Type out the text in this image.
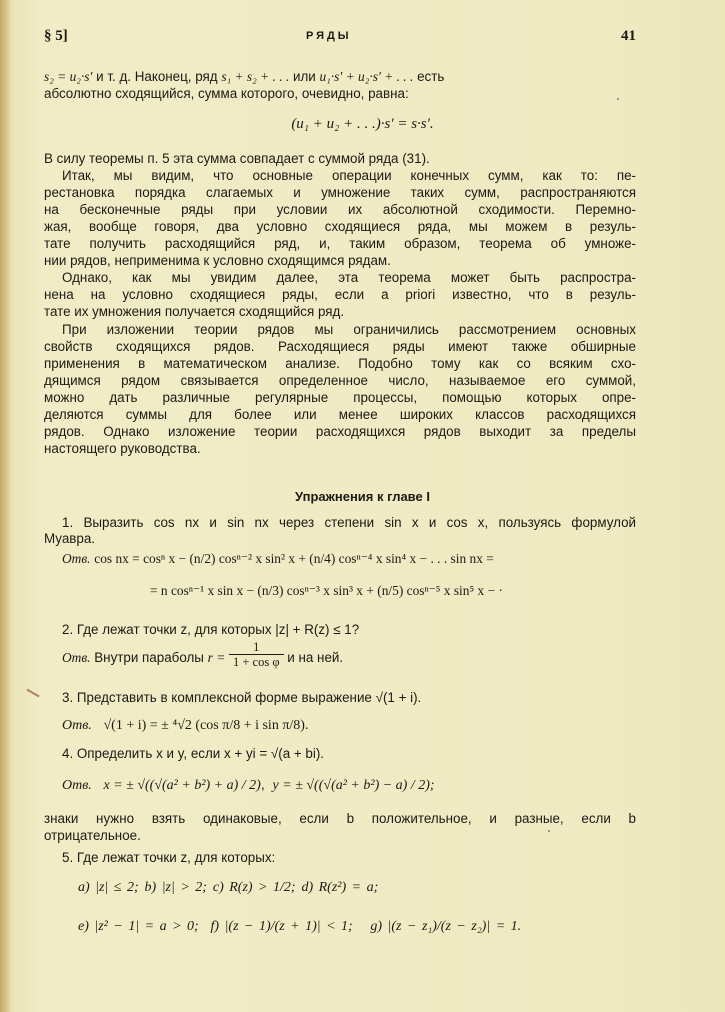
§ 5]	РЯДЫ	41
s₂ = u₂·s′ и т. д. Наконец, ряд s₁ + s₂ + . . . или u₁·s′ + u₂·s′ + . . . есть
абсолютно сходящийся, сумма которого, очевидно, равна:
(u₁ + u₂ + . . .)·s′ = s·s′.
В силу теоремы п. 5 эта сумма совпадает с суммой ряда (31).
Итак, мы видим, что основные операции конечных сумм, как то: пе-
рестановка порядка слагаемых и умножение таких сумм, распространяются
на бесконечные ряды при условии их абсолютной сходимости. Перемно-
жая, вообще говоря, два условно сходящиеся ряда, мы можем в резуль-
тате получить расходящийся ряд, и, таким образом, теорема об умноже-
нии рядов, неприменима к условно сходящимся рядам.
Однако, как мы увидим далее, эта теорема может быть распростра-
нена на условно сходящиеся ряды, если a priori известно, что в резуль-
тате их умножения получается сходящийся ряд.
При изложении теории рядов мы ограничились рассмотрением основных
свойств сходящихся рядов. Расходящиеся ряды имеют также обширные
применения в математическом анализе. Подобно тому как со всяким схо-
дящимся рядом связывается определенное число, называемое его суммой,
можно дать различные регулярные процессы, помощью которых опре-
деляются суммы для более или менее широких классов расходящихся
рядов. Однако изложение теории расходящихся рядов выходит за пределы
настоящего руководства.
Упражнения к главе I
1. Выразить cos nx и sin nx через степени sin x и cos x, пользуясь формулой
Муавра.
Отв. cos nx = cosⁿ x − (n/2) cosⁿ⁻² x sin² x + (n/4) cosⁿ⁻⁴ x sin⁴ x − . . . sin nx =
= n cosⁿ⁻¹ x sin x − (n/3) cosⁿ⁻³ x sin³ x + (n/5) cosⁿ⁻⁵ x sin⁵ x − ·
2. Где лежат точки z, для которых |z| + R(z) ≤ 1?
Отв. Внутри параболы $r = \frac{1}{\text{1 + cos φ}}$ и на ней.
3. Представить в комплексной форме выражение √(1 + i).
Отв. √(1 + i) = ± ⁴√2 (cos π/8 + i sin π/8).
4. Определить x и y, если x + yi = √(a + bi).
Отв. x = ± √((√(a² + b²) + a) / 2),  y = ± √((√(a² + b²) − a) / 2);
знаки нужно взять одинаковые, если b положительное, и разные, если b
отрицательное.
5. Где лежат точки z, для которых:
a) |z| ≤ 2; b) |z| > 2; c) R(z) > 1/2; d) R(z²) = a;
e) |z² − 1| = a > 0; f) |(z − 1)/(z + 1)| < 1; g) |(z − z₁)/(z − z₂)| = 1.
